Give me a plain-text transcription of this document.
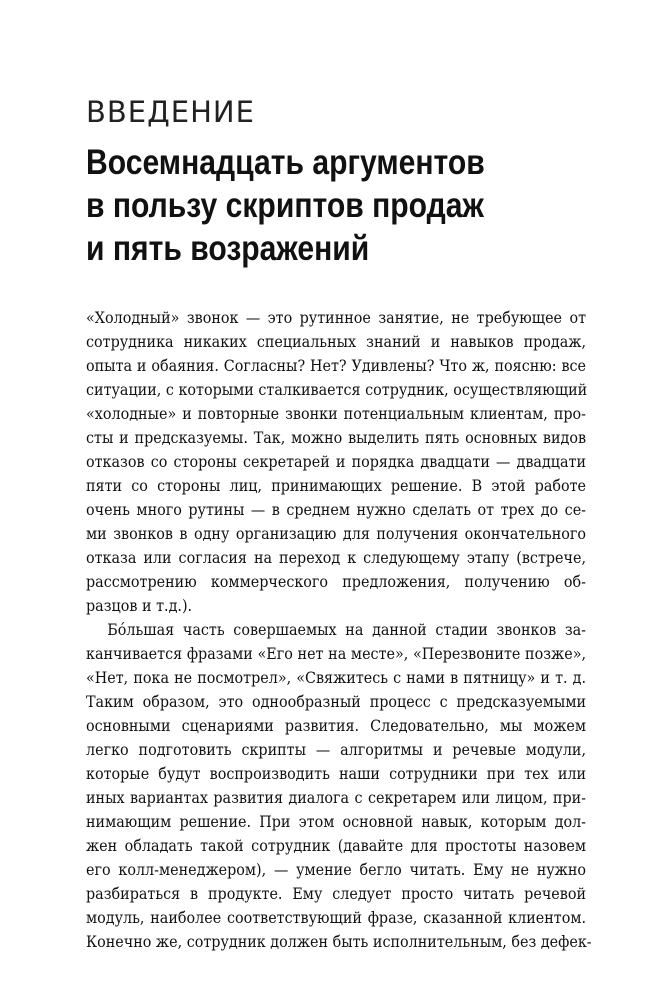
ВВЕДЕНИЕ
Восемнадцать аргументов
в пользу скриптов продаж
и пять возражений
«Холодный» звонок — это рутинное занятие, не требующее от
сотрудника никаких специальных знаний и навыков продаж,
опыта и обаяния. Согласны? Нет? Удивлены? Что ж, поясню: все
ситуации, с которыми сталкивается сотрудник, осуществляющий
«холодные» и повторные звонки потенциальным клиентам, про-
сты и предсказуемы. Так, можно выделить пять основных видов
отказов со стороны секретарей и порядка двадцати — двадцати
пяти со стороны лиц, принимающих решение. В этой работе
очень много рутины — в среднем нужно сделать от трех до се-
ми звонков в одну организацию для получения окончательного
отказа или согласия на переход к следующему этапу (встрече,
рассмотрению коммерческого предложения, получению об-
разцов и т.д.).
Бóльшая часть совершаемых на данной стадии звонков за-
канчивается фразами «Его нет на месте», «Перезвоните позже»,
«Нет, пока не посмотрел», «Свяжитесь с нами в пятницу» и т. д.
Таким образом, это однообразный процесс с предсказуемыми
основными сценариями развития. Следовательно, мы можем
легко подготовить скрипты — алгоритмы и речевые модули,
которые будут воспроизводить наши сотрудники при тех или
иных вариантах развития диалога с секретарем или лицом, при-
нимающим решение. При этом основной навык, которым дол-
жен обладать такой сотрудник (давайте для простоты назовем
его колл-менеджером), — умение бегло читать. Ему не нужно
разбираться в продукте. Ему следует просто читать речевой
модуль, наиболее соответствующий фразе, сказанной клиентом.
Конечно же, сотрудник должен быть исполнительным, без дефек-
